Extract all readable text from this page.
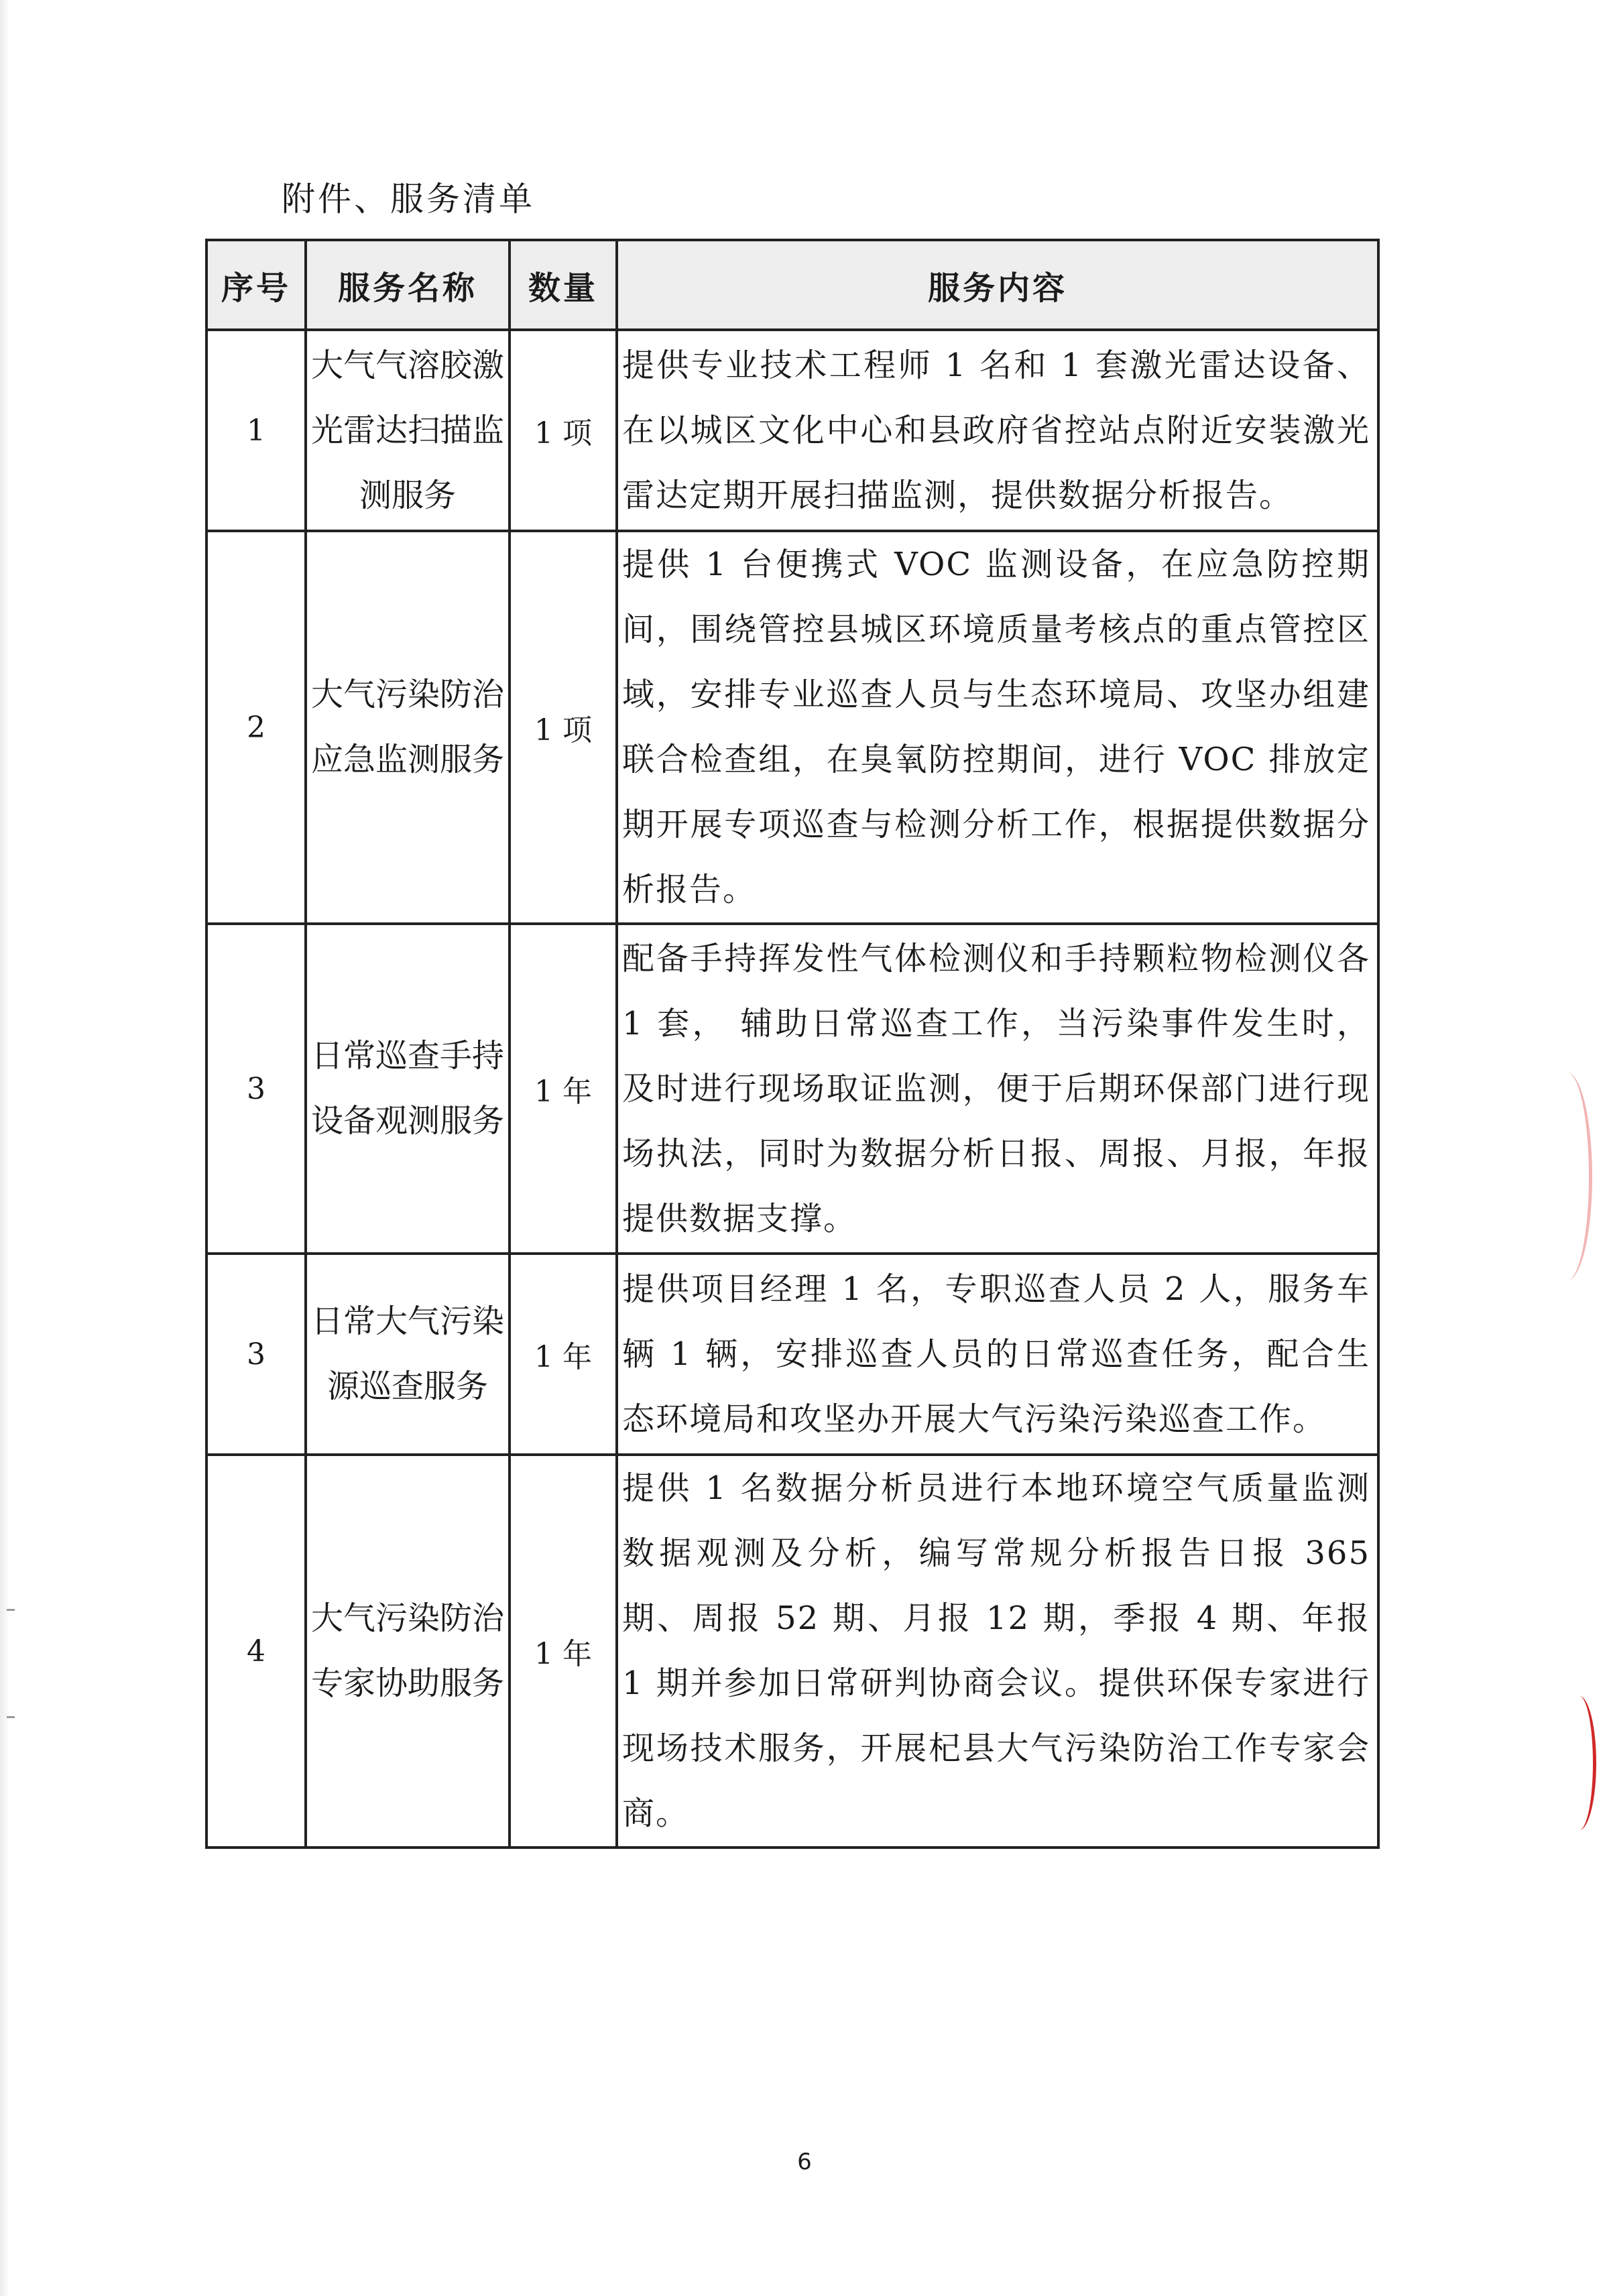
附件、服务清单
序号	服务名称	数量	服务内容
1	大气气溶胶激光雷达扫描监测服务	1 项	提供专业技术工程师 1 名和 1 套激光雷达设备、在以城区文化中心和县政府省控站点附近安装激光雷达定期开展扫描监测，提供数据分析报告。
2	大气污染防治应急监测服务	1 项	提供 1 台便携式 VOC 监测设备，在应急防控期间，围绕管控县城区环境质量考核点的重点管控区域，安排专业巡查人员与生态环境局、攻坚办组建联合检查组，在臭氧防控期间，进行 VOC 排放定期开展专项巡查与检测分析工作，根据提供数据分析报告。
3	日常巡查手持设备观测服务	1 年	配备手持挥发性气体检测仪和手持颗粒物检测仪各 1 套， 辅助日常巡查工作，当污染事件发生时，及时进行现场取证监测，便于后期环保部门进行现场执法，同时为数据分析日报、周报、月报，年报提供数据支撑。
3	日常大气污染源巡查服务	1 年	提供项目经理 1 名，专职巡查人员 2 人，服务车辆 1 辆，安排巡查人员的日常巡查任务，配合生态环境局和攻坚办开展大气污染污染巡查工作。
4	大气污染防治专家协助服务	1 年	提供 1 名数据分析员进行本地环境空气质量监测数据观测及分析，编写常规分析报告日报 365 期、周报 52 期、月报 12 期，季报 4 期、年报 1 期并参加日常研判协商会议。提供环保专家进行现场技术服务，开展杞县大气污染防治工作专家会商。
6
